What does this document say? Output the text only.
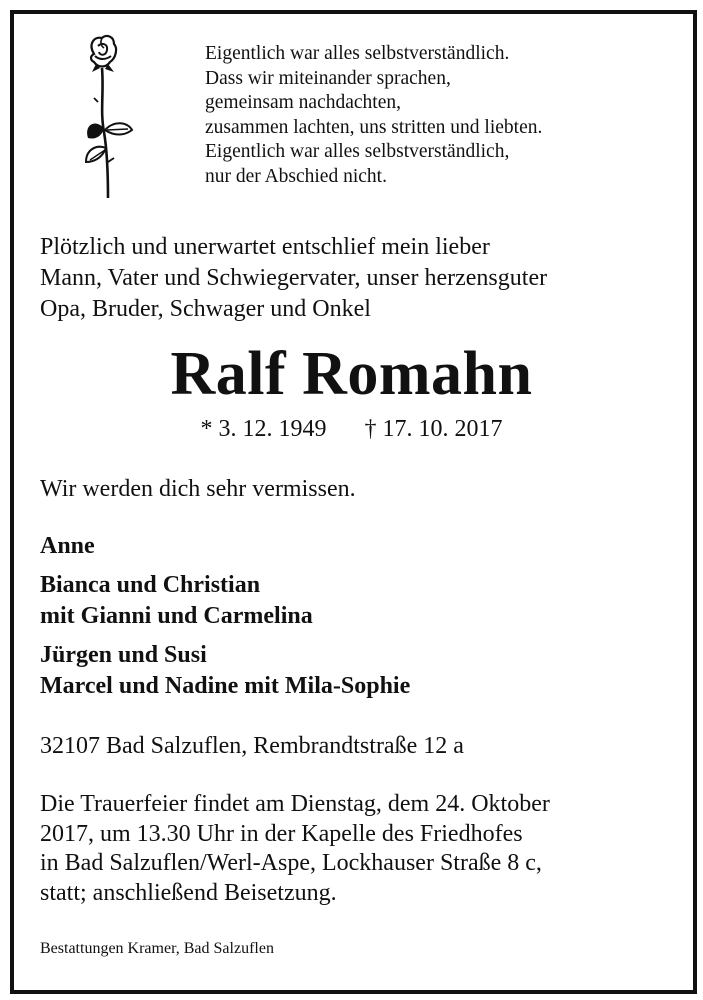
Eigentlich war alles selbstverständlich.
Dass wir miteinander sprachen,
gemeinsam nachdachten,
zusammen lachten, uns stritten und liebten.
Eigentlich war alles selbstverständlich,
nur der Abschied nicht.
Plötzlich und unerwartet entschlief mein lieber
Mann, Vater und Schwiegervater, unser herzensguter
Opa, Bruder, Schwager und Onkel
Ralf Romahn
* 3. 12. 1949 † 17. 10. 2017
Wir werden dich sehr vermissen.
Anne
Bianca und Christian
mit Gianni und Carmelina
Jürgen und Susi
Marcel und Nadine mit Mila-Sophie
32107 Bad Salzuflen, Rembrandtstraße 12 a
Die Trauerfeier findet am Dienstag, dem 24. Oktober
2017, um 13.30 Uhr in der Kapelle des Friedhofes
in Bad Salzuflen/Werl-Aspe, Lockhauser Straße 8 c,
statt; anschließend Beisetzung.
Bestattungen Kramer, Bad Salzuflen
